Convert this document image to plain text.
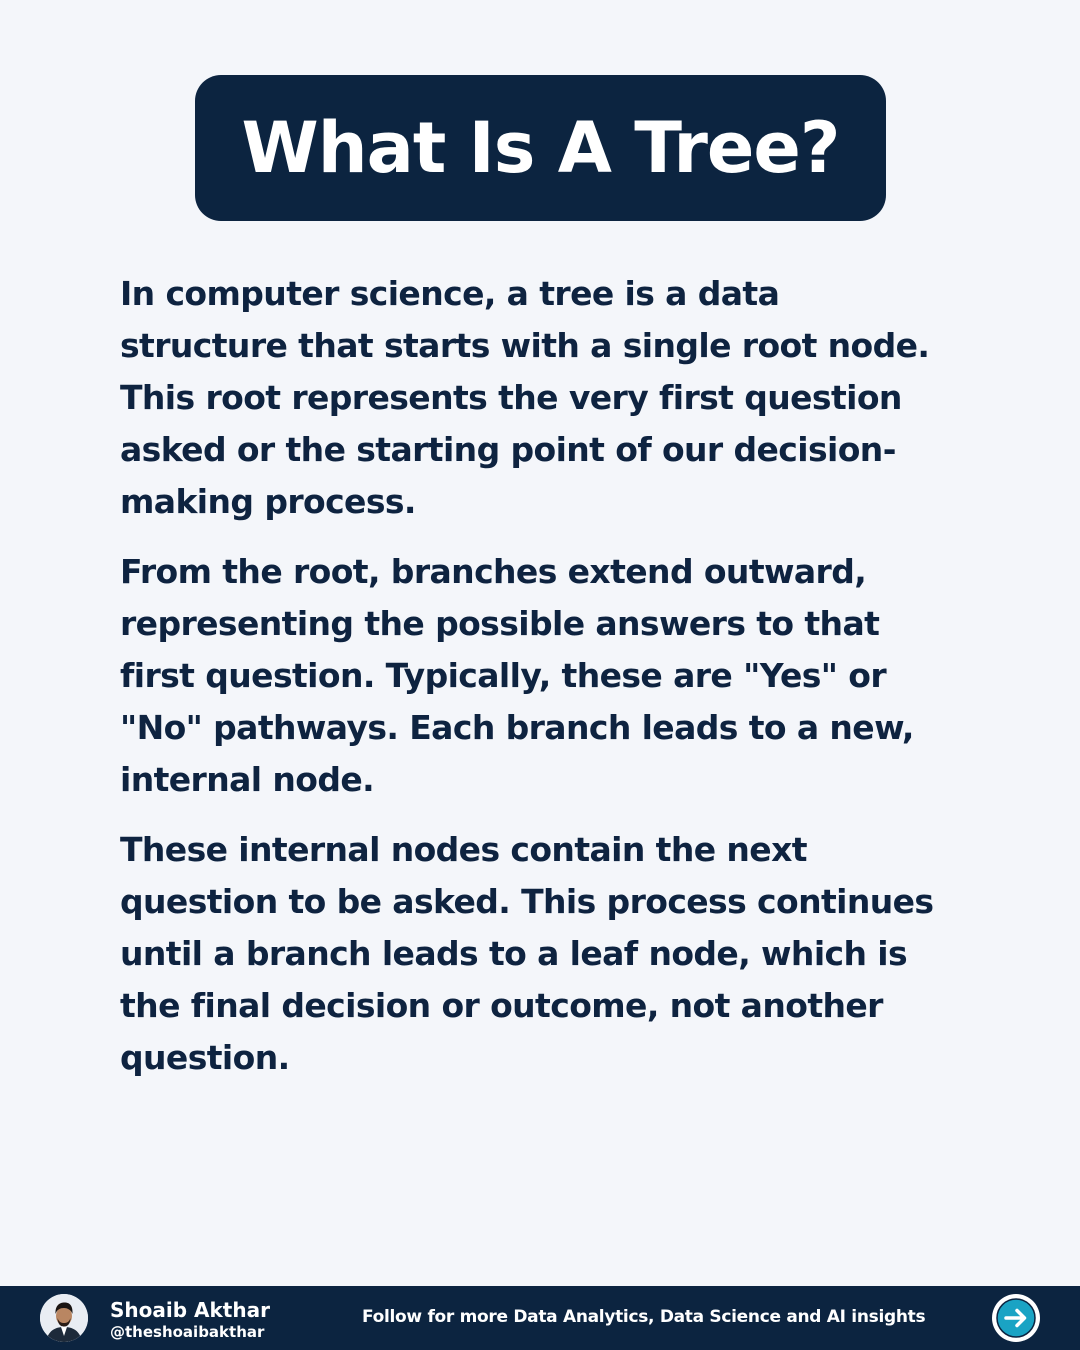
What Is A Tree?

In computer science, a tree is a data structure that starts with a single root node. This root represents the very first question asked or the starting point of our decision-making process.

From the root, branches extend outward, representing the possible answers to that first question. Typically, these are "Yes" or "No" pathways. Each branch leads to a new, internal node.

These internal nodes contain the next question to be asked. This process continues until a branch leads to a leaf node, which is the final decision or outcome, not another question.

Shoaib Akthar
@theshoaibakthar
Follow for more Data Analytics, Data Science and AI insights
